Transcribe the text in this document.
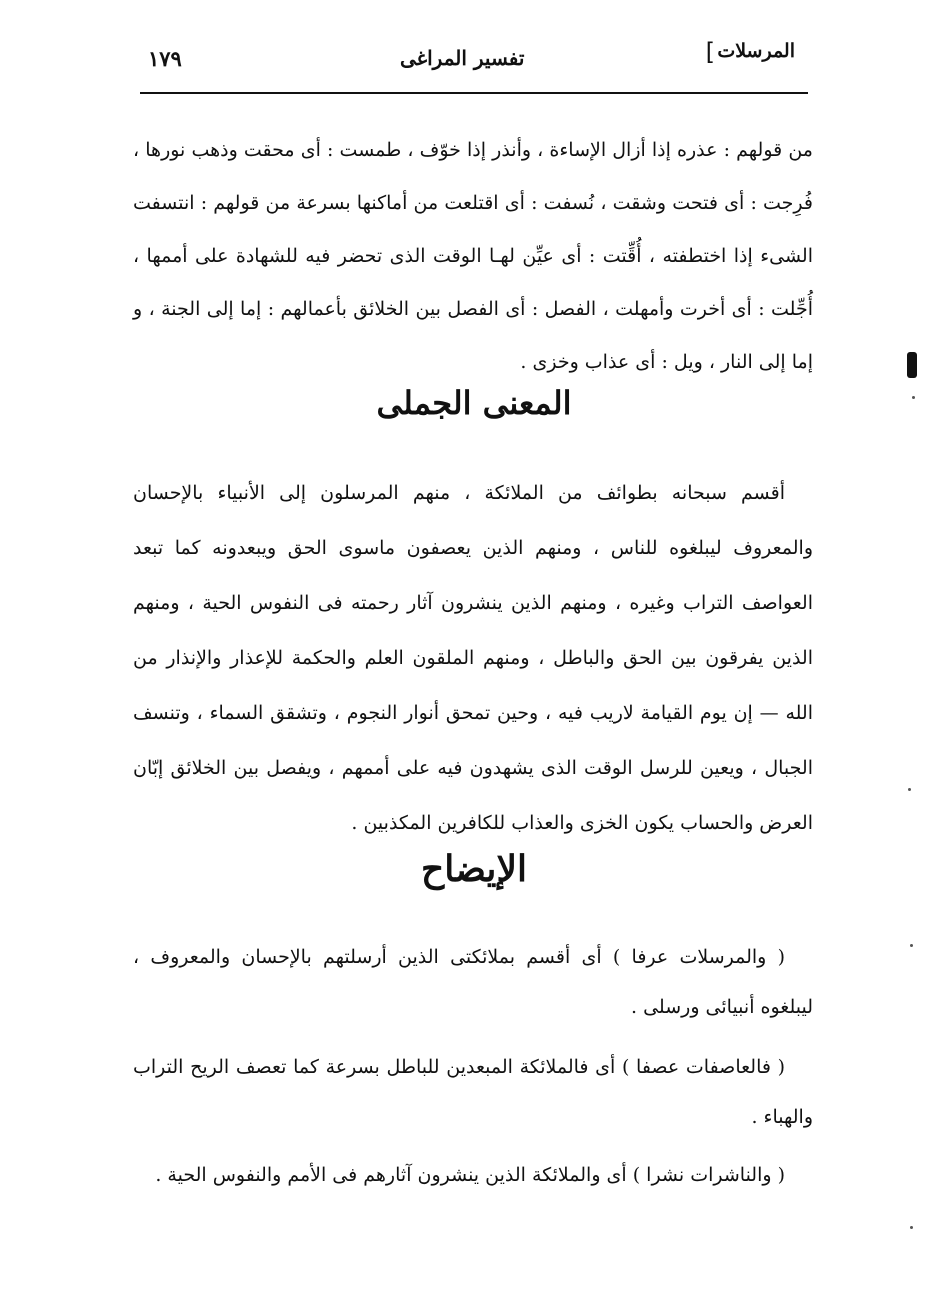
المرسلات
]
تفسير المراغى
١٧٩

من قولهم : عذره إذا أزال الإساءة ، وأنذر إذا خوّف ، طمست : أى محقت وذهب نورها ، فُرِجت : أى فتحت وشقت ، نُسفت : أى اقتلعت من أماكنها بسرعة من قولهم : انتسفت الشىء إذا اختطفته ، أُقِّتت : أى عيِّن لهـا الوقت الذى تحضر فيه للشهادة على أممها ، أُجِّلت : أى أخرت وأمهلت ، الفصل : أى الفصل بين الخلائق بأعمالهم : إما إلى الجنة ، و إما إلى النار ، ويل : أى عذاب وخزى .

المعنى الجملى

أقسم سبحانه بطوائف من الملائكة ، منهم المرسلون إلى الأنبياء بالإحسان والمعروف ليبلغوه للناس ، ومنهم الذين يعصفون ماسوى الحق ويبعدونه كما تبعد العواصف التراب وغيره ، ومنهم الذين ينشرون آثار رحمته فى النفوس الحية ، ومنهم الذين يفرقون بين الحق والباطل ، ومنهم الملقون العلم والحكمة للإعذار والإنذار من الله — إن يوم القيامة لاريب فيه ، وحين تمحق أنوار النجوم ، وتشقق السماء ، وتنسف الجبال ، ويعين للرسل الوقت الذى يشهدون فيه على أممهم ، ويفصل بين الخلائق إبّان العرض والحساب يكون الخزى والعذاب للكافرين المكذبين .

الإيضاح

( والمرسلات عرفا ) أى أقسم بملائكتى الذين أرسلتهم بالإحسان والمعروف ، ليبلغوه أنبيائى ورسلى .

( فالعاصفات عصفا ) أى فالملائكة المبعدين للباطل بسرعة كما تعصف الريح التراب والهباء .

( والناشرات نشرا ) أى والملائكة الذين ينشرون آثارهم فى الأمم والنفوس الحية .
